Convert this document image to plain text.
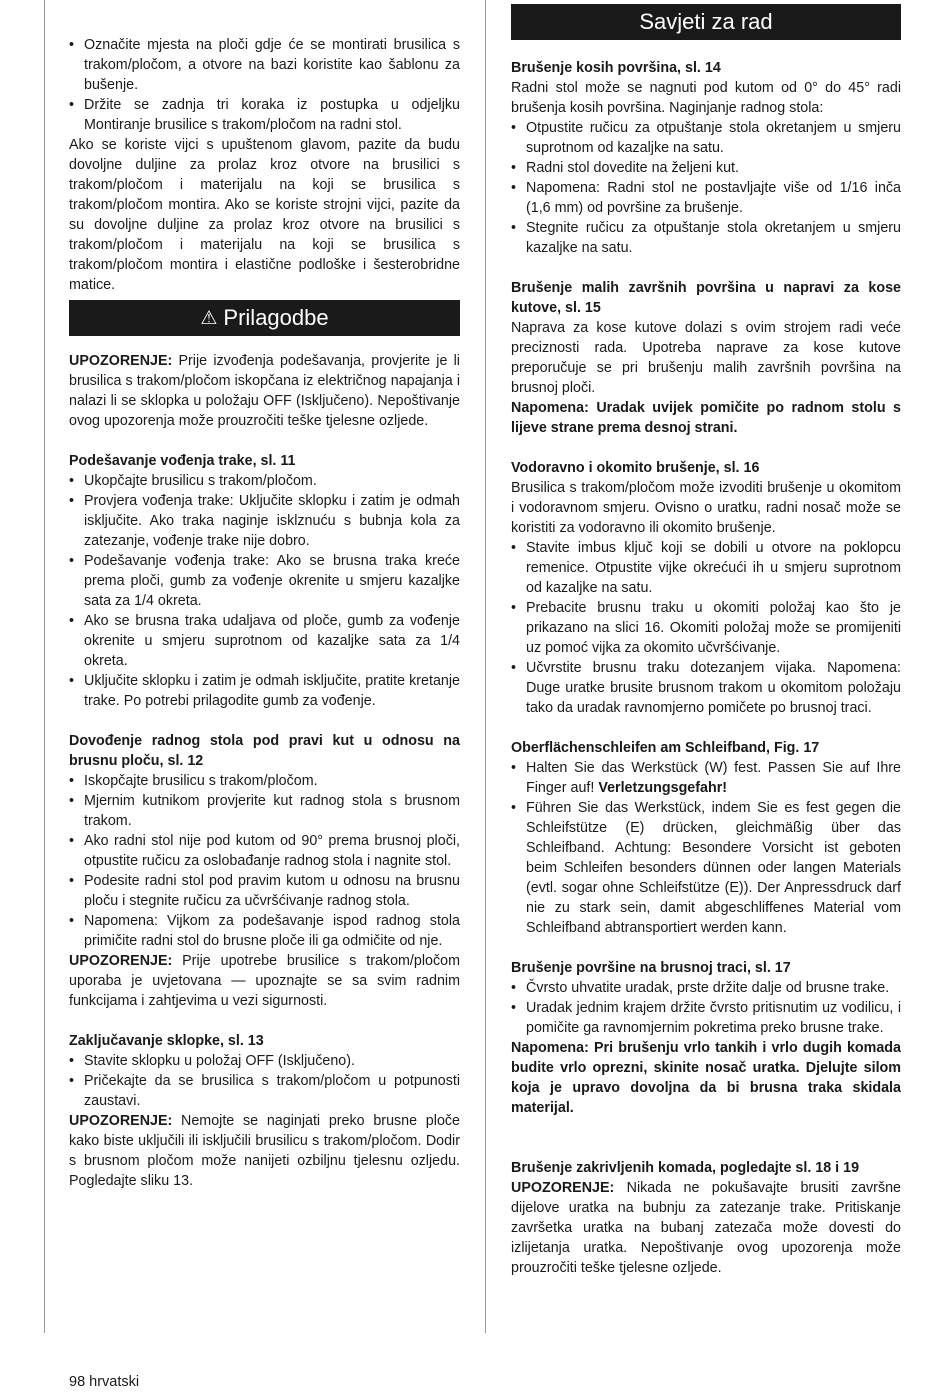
• Označite mjesta na ploči gdje će se montirati brusilica s trakom/pločom, a otvore na bazi koristite kao šablonu za bušenje.
• Držite se zadnja tri koraka iz postupka u odjeljku Montiranje brusilice s trakom/pločom na radni stol.

Ako se koriste vijci s upuštenom glavom, pazite da budu dovoljne duljine za prolaz kroz otvore na brusilici s trakom/pločom i materijalu na koji se brusilica s trakom/pločom montira. Ako se koriste strojni vijci, pazite da su dovoljne duljine za prolaz kroz otvore na brusilici s trakom/pločom i materijalu na koji se brusilica s trakom/pločom montira i elastične podloške i šesterobridne matice.

⚠ Prilagodbe

UPOZORENJE: Prije izvođenja podešavanja, provjerite je li brusilica s trakom/pločom iskopčana iz električnog napajanja i nalazi li se sklopka u položaju OFF (Isključeno). Nepoštivanje ovog upozorenja može prouzročiti teške tjelesne ozljede.

Podešavanje vođenja trake, sl. 11

• Ukopčajte brusilicu s trakom/pločom.
• Provjera vođenja trake: Uključite sklopku i zatim je odmah isključite. Ako traka naginje isklznuću s bubnja kola za zatezanje, vođenje trake nije dobro.
• Podešavanje vođenja trake: Ako se brusna traka kreće prema ploči, gumb za vođenje okrenite u smjeru kazaljke sata za 1/4 okreta.
• Ako se brusna traka udaljava od ploče, gumb za vođenje okrenite u smjeru suprotnom od kazaljke sata za 1/4 okreta.
• Uključite sklopku i zatim je odmah isključite, pratite kretanje trake. Po potrebi prilagodite gumb za vođenje.

Dovođenje radnog stola pod pravi kut u odnosu na brusnu ploču, sl. 12

• Iskopčajte brusilicu s trakom/pločom.
• Mjernim kutnikom provjerite kut radnog stola s brusnom trakom.
• Ako radni stol nije pod kutom od 90° prema brusnoj ploči, otpustite ručicu za oslobađanje radnog stola i nagnite stol.
• Podesite radni stol pod pravim kutom u odnosu na brusnu ploču i stegnite ručicu za učvršćivanje radnog stola.
• Napomena: Vijkom za podešavanje ispod radnog stola primičite radni stol do brusne ploče ili ga odmičite od nje.

UPOZORENJE: Prije upotrebe brusilice s trakom/pločom uporaba je uvjetovana — upoznajte se sa svim radnim funkcijama i zahtjevima u vezi sigurnosti.

Zaključavanje sklopke, sl. 13

• Stavite sklopku u položaj OFF (Isključeno).
• Pričekajte da se brusilica s trakom/pločom u potpunosti zaustavi.

UPOZORENJE: Nemojte se naginjati preko brusne ploče kako biste uključili ili isključili brusilicu s trakom/pločom. Dodir s brusnom pločom može nanijeti ozbiljnu tjelesnu ozljedu. Pogledajte sliku 13.

Savjeti za rad

Brušenje kosih površina, sl. 14

Radni stol može se nagnuti pod kutom od 0° do 45° radi brušenja kosih površina. Naginjanje radnog stola:

• Otpustite ručicu za otpuštanje stola okretanjem u smjeru suprotnom od kazaljke na satu.
• Radni stol dovedite na željeni kut.
• Napomena: Radni stol ne postavljajte više od 1/16 inča (1,6 mm) od površine za brušenje.
• Stegnite ručicu za otpuštanje stola okretanjem u smjeru kazaljke na satu.

Brušenje malih završnih površina u napravi za kose kutove, sl. 15

Naprava za kose kutove dolazi s ovim strojem radi veće preciznosti rada. Upotreba naprave za kose kutove preporučuje se pri brušenju malih završnih površina na brusnoj ploči.

Napomena: Uradak uvijek pomičite po radnom stolu s lijeve strane prema desnoj strani.

Vodoravno i okomito brušenje, sl. 16

Brusilica s trakom/pločom može izvoditi brušenje u okomitom i vodoravnom smjeru. Ovisno o uratku, radni nosač može se koristiti za vodoravno ili okomito brušenje.

• Stavite imbus ključ koji se dobili u otvore na poklopcu remenice. Otpustite vijke okrećući ih u smjeru suprotnom od kazaljke na satu.
• Prebacite brusnu traku u okomiti položaj kao što je prikazano na slici 16. Okomiti položaj može se promijeniti uz pomoć vijka za okomito učvršćivanje.
• Učvrstite brusnu traku dotezanjem vijaka. Napomena: Duge uratke brusite brusnom trakom u okomitom položaju tako da uradak ravnomjerno pomičete po brusnoj traci.

Oberflächenschleifen am Schleifband, Fig. 17

• Halten Sie das Werkstück (W) fest. Passen Sie auf Ihre Finger auf! Verletzungsgefahr!
• Führen Sie das Werkstück, indem Sie es fest gegen die Schleifstütze (E) drücken, gleichmäßig über das Schleifband. Achtung: Besondere Vorsicht ist geboten beim Schleifen besonders dünnen oder langen Materials (evtl. sogar ohne Schleifstütze (E)). Der Anpressdruck darf nie zu stark sein, damit abgeschliffenes Material vom Schleifband abtransportiert werden kann.

Brušenje površine na brusnoj traci, sl. 17

• Čvrsto uhvatite uradak, prste držite dalje od brusne trake.
• Uradak jednim krajem držite čvrsto pritisnutim uz vodilicu, i pomičite ga ravnomjernim pokretima preko brusne trake.

Napomena: Pri brušenju vrlo tankih i vrlo dugih komada budite vrlo oprezni, skinite nosač uratka. Djelujte silom koja je upravo dovoljna da bi brusna traka skidala materijal.

Brušenje zakrivljenih komada, pogledajte sl. 18 i 19

UPOZORENJE: Nikada ne pokušavajte brusiti završne dijelove uratka na bubnju za zatezanje trake. Pritiskanje završetka uratka na bubanj zatezača može dovesti do izlijetanja uratka. Nepoštivanje ovog upozorenja može prouzročiti teške tjelesne ozljede.

98 hrvatski
